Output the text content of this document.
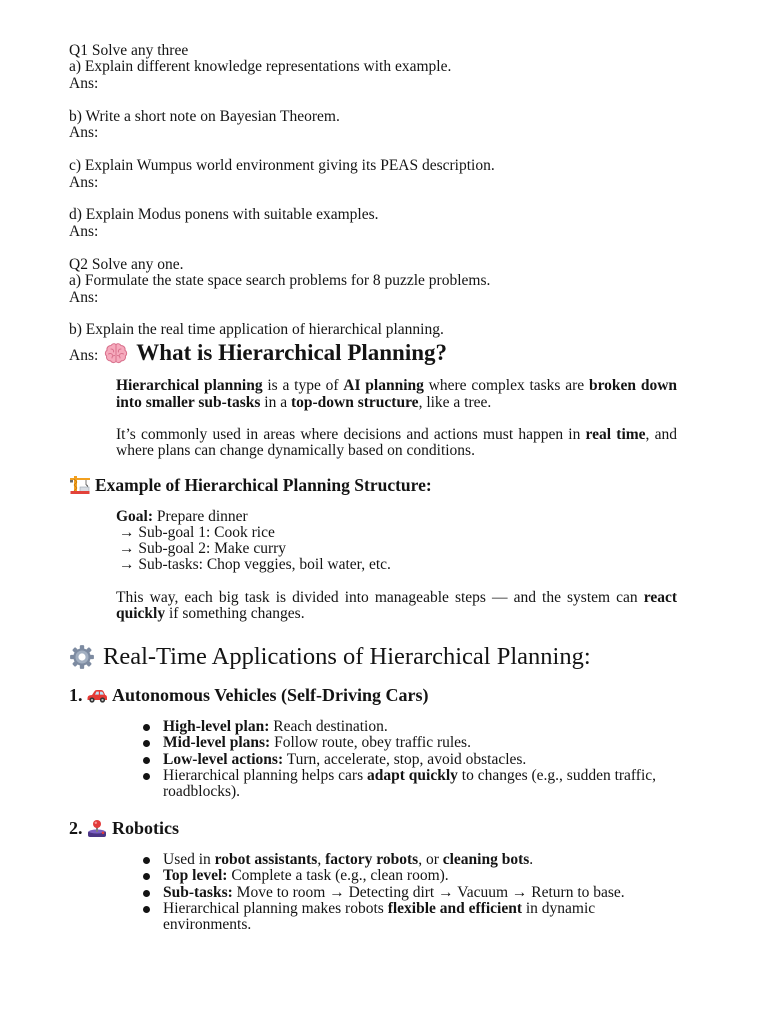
Q1 Solve any three
a) Explain different knowledge representations with example.
Ans:
b) Write a short note on Bayesian Theorem.
Ans:
c) Explain Wumpus world environment giving its PEAS description.
Ans:
d) Explain Modus ponens with suitable examples.
Ans:
Q2 Solve any one.
a) Formulate the state space search problems for 8 puzzle problems.
Ans:
b) Explain the real time application of hierarchical planning.
Ans: What is Hierarchical Planning?
Hierarchical planning is a type of AI planning where complex tasks are broken down
into smaller sub-tasks in a top-down structure, like a tree.
It’s commonly used in areas where decisions and actions must happen in real time, and
where plans can change dynamically based on conditions.
Example of Hierarchical Planning Structure:
Goal: Prepare dinner
→ Sub-goal 1: Cook rice
→ Sub-goal 2: Make curry
→ Sub-tasks: Chop veggies, boil water, etc.
This way, each big task is divided into manageable steps — and the system can react
quickly if something changes.
Real-Time Applications of Hierarchical Planning:
1. Autonomous Vehicles (Self-Driving Cars)
High-level plan: Reach destination.
Mid-level plans: Follow route, obey traffic rules.
Low-level actions: Turn, accelerate, stop, avoid obstacles.
Hierarchical planning helps cars adapt quickly to changes (e.g., sudden traffic,
roadblocks).
2. Robotics
Used in robot assistants, factory robots, or cleaning bots.
Top level: Complete a task (e.g., clean room).
Sub-tasks: Move to room → Detecting dirt → Vacuum → Return to base.
Hierarchical planning makes robots flexible and efficient in dynamic
environments.
